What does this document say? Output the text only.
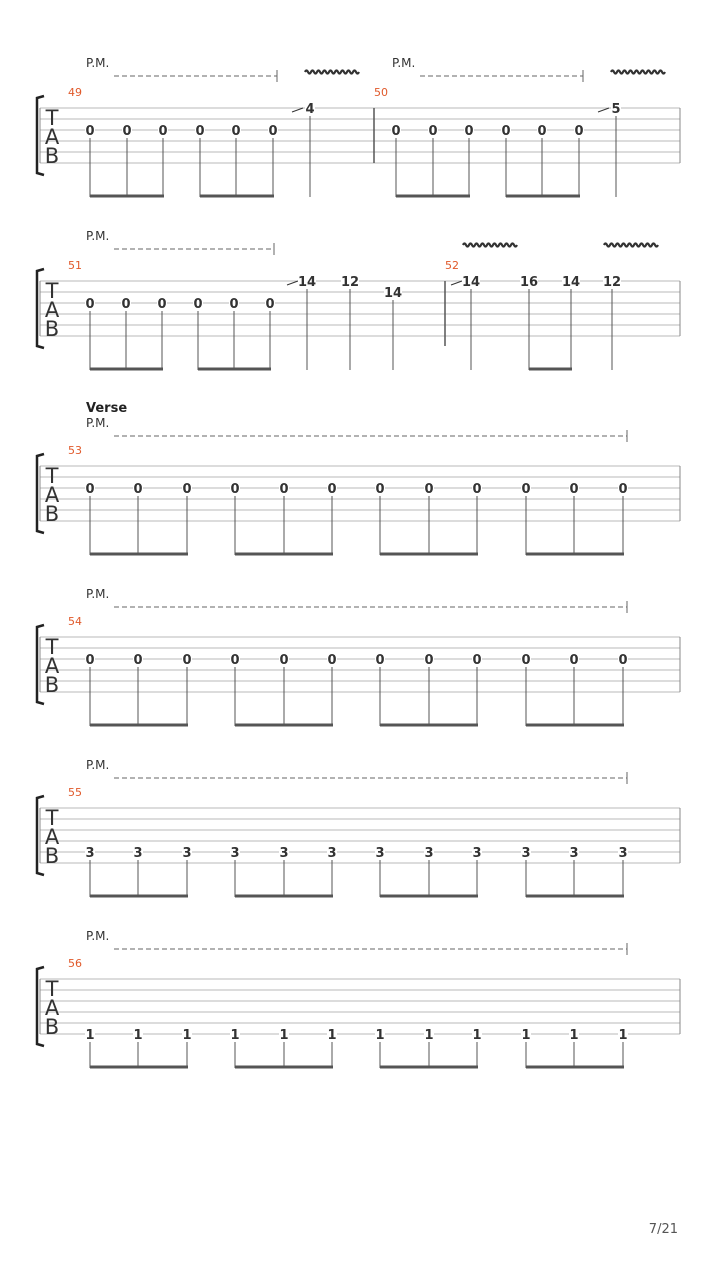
T
A
B
49
0 0 0 0 0 0
4
P.M.
50
0 0 0 0 0 0
5
P.M.
T
A
B
51	52
0 0 0 0 0 0
14 12
14
14	16 14 12
P.M.
T
A
B
53
Verse
P.M.
0	0	0	0	0	0	0	0	0	0	0	0
T
A
B
54
P.M.
0	0	0	0	0	0	0	0	0	0	0	0
T
A
B
55
P.M.
3	3	3	3	3	3	3	3	3	3	3	3
T
A
B
56
P.M.
1	1	1	1	1	1	1	1	1	1	1	1
7/21
